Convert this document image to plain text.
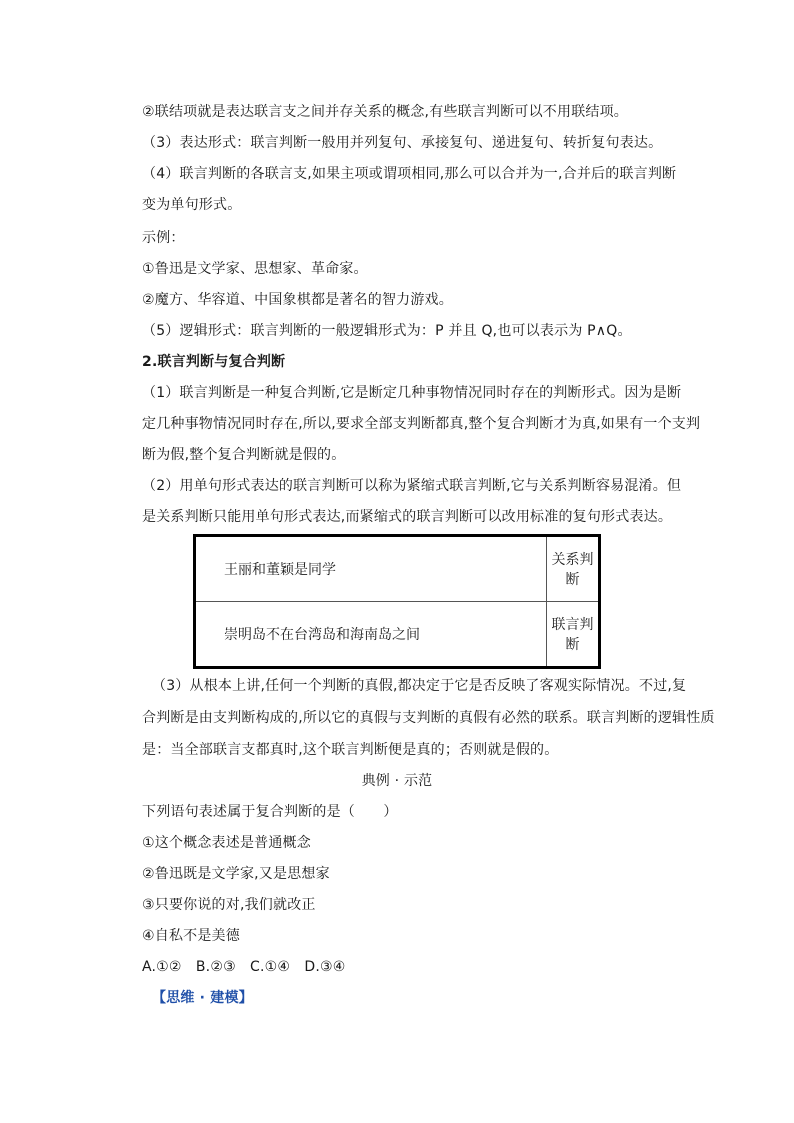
②联结项就是表达联言支之间并存关系的概念,有些联言判断可以不用联结项。
（3）表达形式：联言判断一般用并列复句、承接复句、递进复句、转折复句表达。
（4）联言判断的各联言支,如果主项或谓项相同,那么可以合并为一,合并后的联言判断
变为单句形式。
示例：
①鲁迅是文学家、思想家、革命家。
②魔方、华容道、中国象棋都是著名的智力游戏。
（5）逻辑形式：联言判断的一般逻辑形式为：P 并且 Q,也可以表示为 P∧Q。
2.联言判断与复合判断
（1）联言判断是一种复合判断,它是断定几种事物情况同时存在的判断形式。因为是断
定几种事物情况同时存在,所以,要求全部支判断都真,整个复合判断才为真,如果有一个支判
断为假,整个复合判断就是假的。
（2）用单句形式表达的联言判断可以称为紧缩式联言判断,它与关系判断容易混淆。但
是关系判断只能用单句形式表达,而紧缩式的联言判断可以改用标准的复句形式表达。
王丽和董颖是同学	关系判断
崇明岛不在台湾岛和海南岛之间	联言判断
（3）从根本上讲,任何一个判断的真假,都决定于它是否反映了客观实际情况。不过,复
合判断是由支判断构成的,所以它的真假与支判断的真假有必然的联系。联言判断的逻辑性质
是：当全部联言支都真时,这个联言判断便是真的；否则就是假的。
典例 · 示范
下列语句表述属于复合判断的是（　　）
①这个概念表述是普通概念
②鲁迅既是文学家,又是思想家
③只要你说的对,我们就改正
④自私不是美德
A.①②　B.②③　C.①④　D.③④
【思维 · 建模】
